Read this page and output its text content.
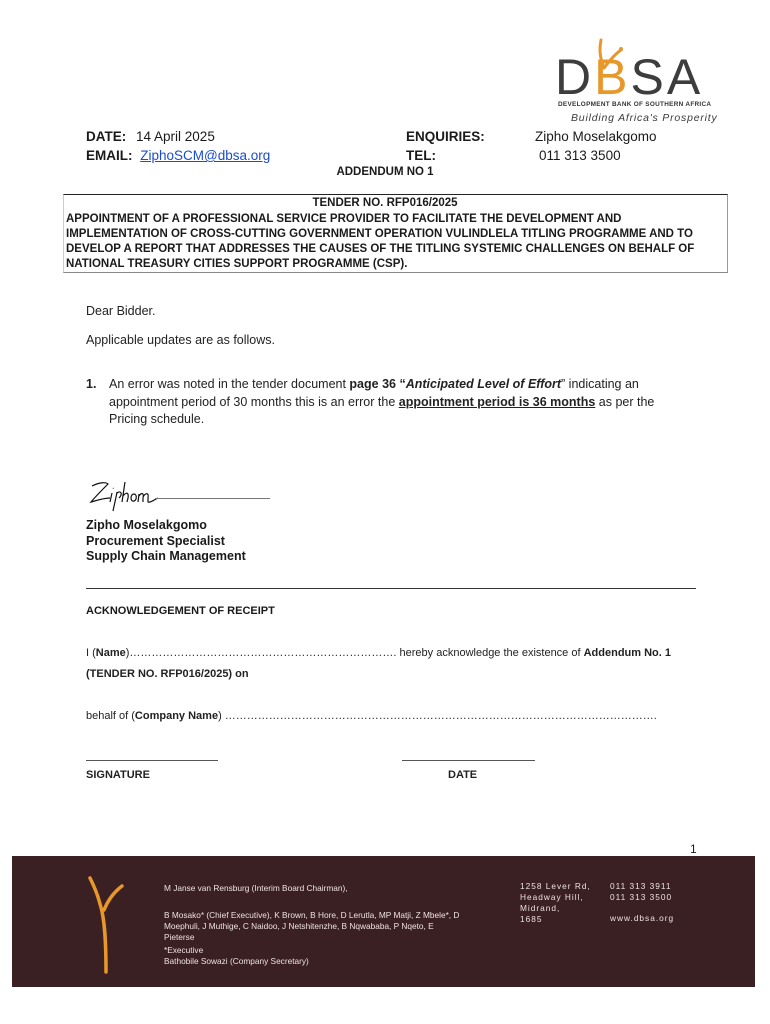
DBSA
DEVELOPMENT BANK OF SOUTHERN AFRICA
Building Africa's Prosperity
DATE: 14 April 2025
EMAIL: ZiphoSCM@dbsa.org
ENQUIRIES:	Zipho Moselakgomo
TEL:	011 313 3500
ADDENDUM NO 1
TENDER NO. RFP016/2025
APPOINTMENT OF A PROFESSIONAL SERVICE PROVIDER TO FACILITATE THE DEVELOPMENT AND IMPLEMENTATION OF CROSS-CUTTING GOVERNMENT OPERATION VULINDLELA TITLING PROGRAMME AND TO DEVELOP A REPORT THAT ADDRESSES THE CAUSES OF THE TITLING SYSTEMIC CHALLENGES ON BEHALF OF NATIONAL TREASURY CITIES SUPPORT PROGRAMME (CSP).
Dear Bidder.
Applicable updates are as follows.
1. An error was noted in the tender document page 36 “Anticipated Level of Effort” indicating an appointment period of 30 months this is an error the appointment period is 36 months as per the Pricing schedule.
Zipho Moselakgomo
Procurement Specialist
Supply Chain Management
ACKNOWLEDGEMENT OF RECEIPT
I (Name)………………………………………………………………. hereby acknowledge the existence of Addendum No. 1
(TENDER NO. RFP016/2025) on
behalf of (Company Name) ……………………………………………………………………………………………………….
SIGNATURE	DATE
1
M Janse van Rensburg (Interim Board Chairman),
B Mosako* (Chief Executive), K Brown, B Hore, D Lerutla, MP Matji, Z Mbele*, D Moephuli, J Muthige, C Naidoo, J Netshitenzhe, B Nqwababa, P Nqeto, E Pieterse
*Executive
Bathobile Sowazi (Company Secretary)
1258 Lever Rd,
Headway Hill,
Midrand,
1685
011 313 3911
011 313 3500
www.dbsa.org
